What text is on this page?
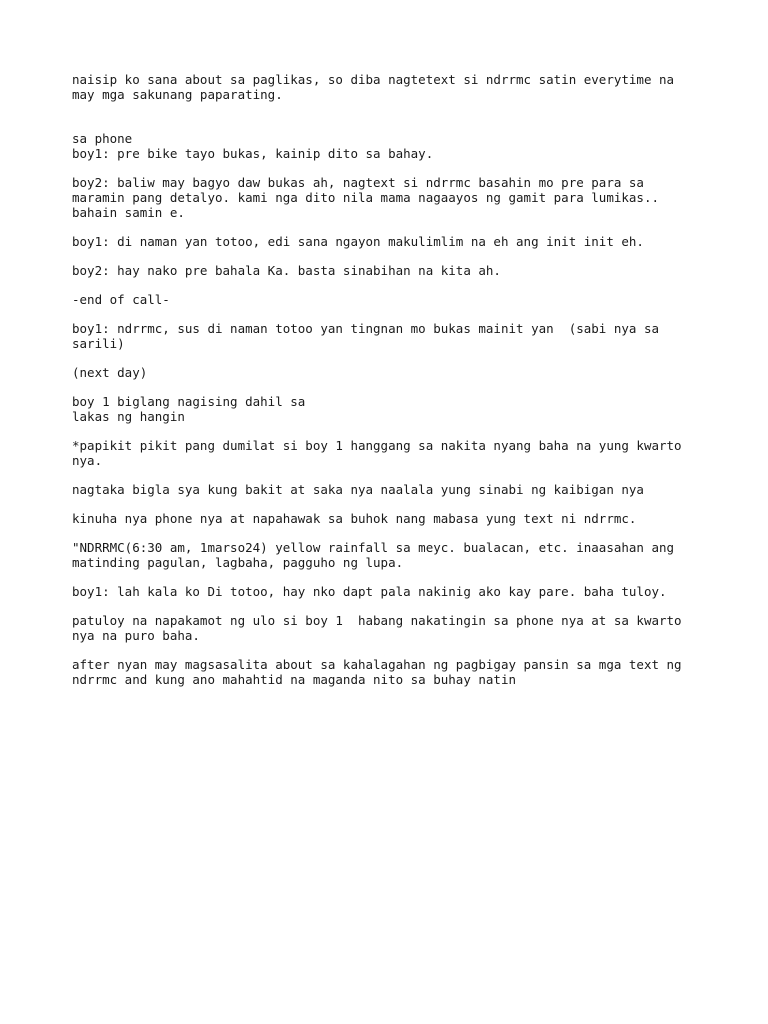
naisip ko sana about sa paglikas, so diba nagtetext si ndrrmc satin everytime na
may mga sakunang paparating.

sa phone
boy1: pre bike tayo bukas, kainip dito sa bahay.

boy2: baliw may bagyo daw bukas ah, nagtext si ndrrmc basahin mo pre para sa
maramin pang detalyo. kami nga dito nila mama nagaayos ng gamit para lumikas..
bahain samin e.

boy1: di naman yan totoo, edi sana ngayon makulimlim na eh ang init init eh.

boy2: hay nako pre bahala Ka. basta sinabihan na kita ah.

-end of call-

boy1: ndrrmc, sus di naman totoo yan tingnan mo bukas mainit yan  (sabi nya sa
sarili)

(next day)

boy 1 biglang nagising dahil sa
lakas ng hangin

*papikit pikit pang dumilat si boy 1 hanggang sa nakita nyang baha na yung kwarto
nya.

nagtaka bigla sya kung bakit at saka nya naalala yung sinabi ng kaibigan nya

kinuha nya phone nya at napahawak sa buhok nang mabasa yung text ni ndrrmc.

"NDRRMC(6:30 am, 1marso24) yellow rainfall sa meyc. bualacan, etc. inaasahan ang
matinding pagulan, lagbaha, pagguho ng lupa.

boy1: lah kala ko Di totoo, hay nko dapt pala nakinig ako kay pare. baha tuloy.

patuloy na napakamot ng ulo si boy 1  habang nakatingin sa phone nya at sa kwarto
nya na puro baha.

after nyan may magsasalita about sa kahalagahan ng pagbigay pansin sa mga text ng
ndrrmc and kung ano mahahtid na maganda nito sa buhay natin
